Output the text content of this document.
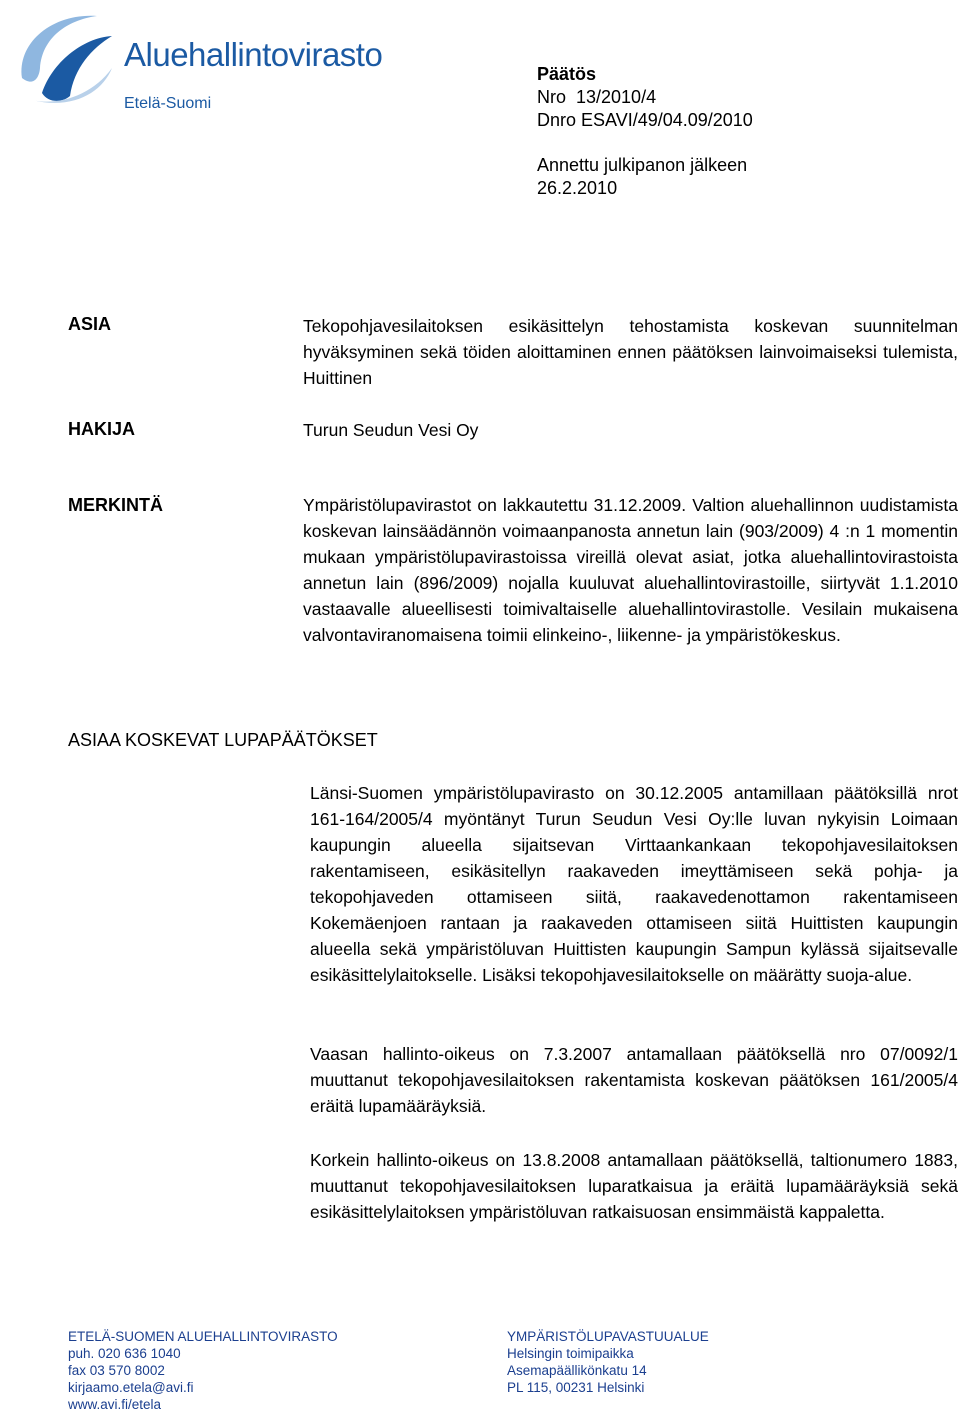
Aluehallintovirasto
Etelä-Suomi
Päätös
Nro  13/2010/4
Dnro ESAVI/49/04.09/2010
Annettu julkipanon jälkeen
26.2.2010
ASIA	Tekopohjavesilaitoksen esikäsittelyn tehostamista koskevan suunnitelman hyväksyminen sekä töiden aloittaminen ennen päätöksen lainvoimaiseksi tulemista, Huittinen
HAKIJA	Turun Seudun Vesi Oy
MERKINTÄ	Ympäristölupavirastot on lakkautettu 31.12.2009. Valtion aluehallinnon uudistamista koskevan lainsäädännön voimaanpanosta annetun lain (903/2009) 4 :n 1 momentin mukaan ympäristölupavirastoissa vireillä olevat asiat, jotka aluehallintovirastoista annetun lain (896/2009) nojalla kuuluvat aluehallintovirastoille, siirtyvät 1.1.2010 vastaavalle alueellisesti toimivaltaiselle aluehallintovirastolle. Vesilain mukaisena valvontaviranomaisena toimii elinkeino-, liikenne- ja ympäristökeskus.
ASIAA KOSKEVAT LUPAPÄÄTÖKSET
Länsi-Suomen ympäristölupavirasto on 30.12.2005 antamillaan päätöksillä nrot 161-164/2005/4 myöntänyt Turun Seudun Vesi Oy:lle luvan nykyisin Loimaan kaupungin alueella sijaitsevan Virttaankankaan tekopohjavesilaitoksen rakentamiseen, esikäsitellyn raakaveden imeyttämiseen sekä pohja- ja tekopohjaveden ottamiseen siitä, raakavedenottamon rakentamiseen Kokemäenjoen rantaan ja raakaveden ottamiseen siitä Huittisten kaupungin alueella sekä ympäristöluvan Huittisten kaupungin Sampun kylässä sijaitsevalle esikäsittelylaitokselle. Lisäksi tekopohjavesilaitokselle on määrätty suoja-alue.
Vaasan hallinto-oikeus on 7.3.2007 antamallaan päätöksellä nro 07/0092/1 muuttanut tekopohjavesilaitoksen rakentamista koskevan päätöksen 161/2005/4 eräitä lupamääräyksiä.
Korkein hallinto-oikeus on 13.8.2008 antamallaan päätöksellä, taltionumero 1883, muuttanut tekopohjavesilaitoksen luparatkaisua ja eräitä lupamääräyksiä sekä esikäsittelylaitoksen ympäristöluvan ratkaisuosan ensimmäistä kappaletta.
ETELÄ-SUOMEN ALUEHALLINTOVIRASTO
puh. 020 636 1040
fax 03 570 8002
kirjaamo.etela@avi.fi
www.avi.fi/etela
YMPÄRISTÖLUPAVASTUUALUE
Helsingin toimipaikka
Asemapäällikönkatu 14
PL 115, 00231 Helsinki
